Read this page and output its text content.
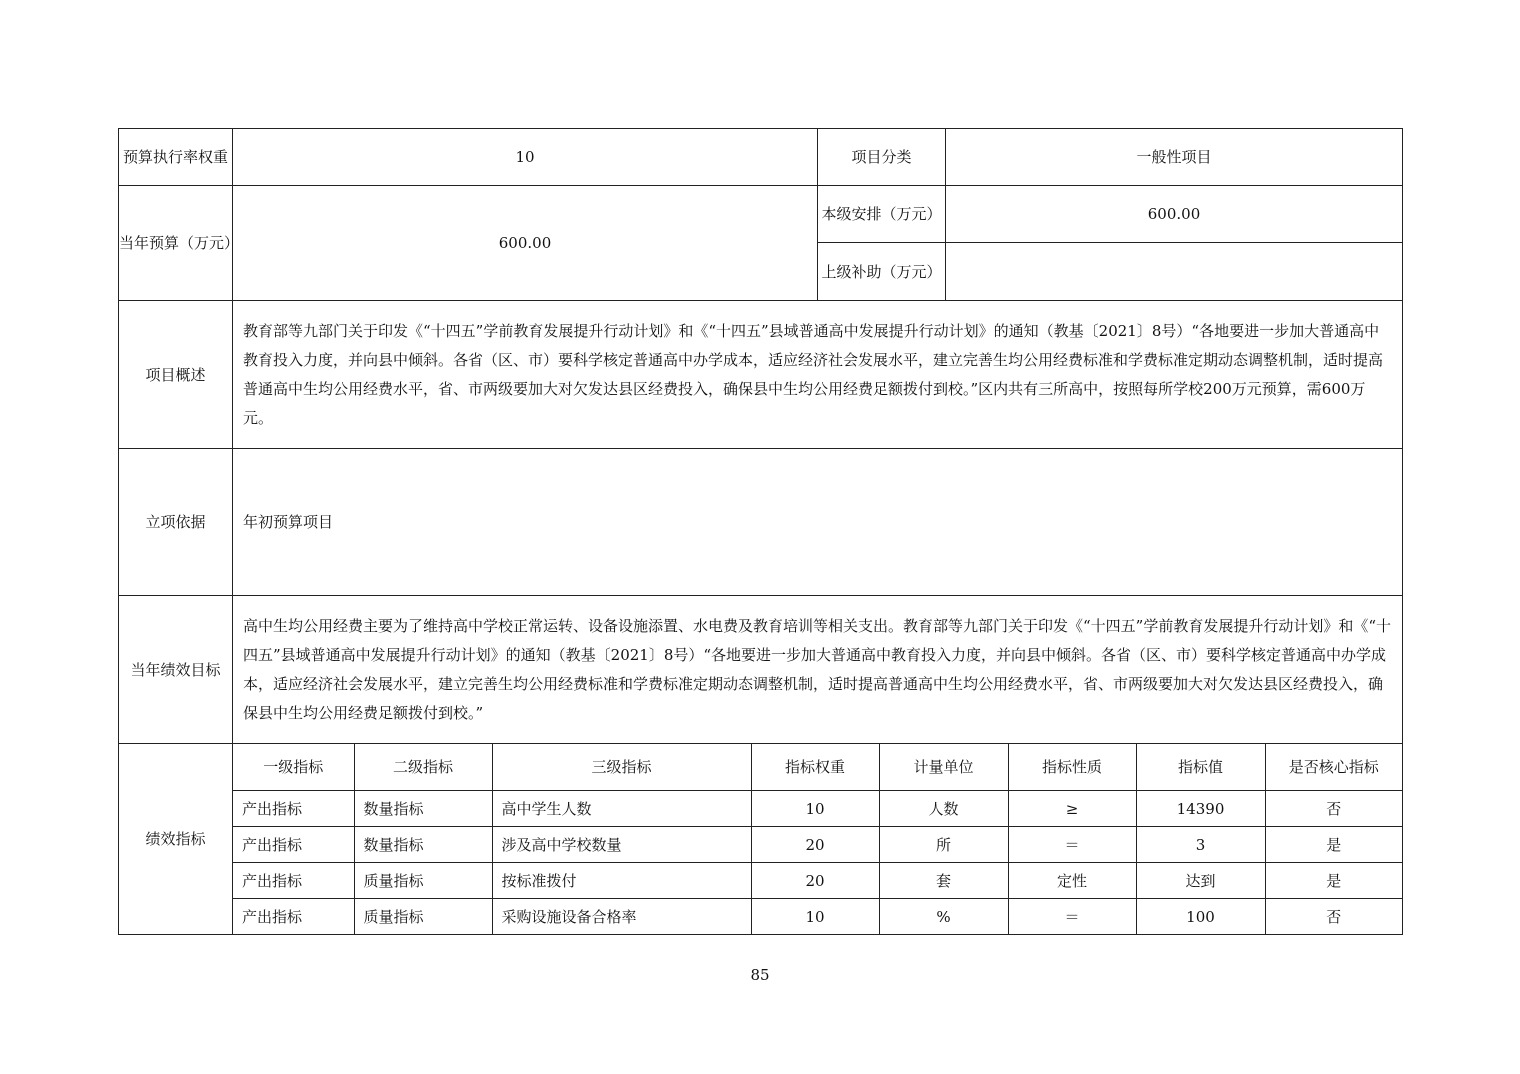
预算执行率权重	10	项目分类	一般性项目
当年预算（万元）	600.00	本级安排（万元）	600.00
上级补助（万元）	
项目概述	教育部等九部门关于印发《“十四五”学前教育发展提升行动计划》和《“十四五”县域普通高中发展提升行动计划》的通知（教基〔2021〕8号）“各地要进一步加大普通高中教育投入力度，并向县中倾斜。各省（区、市）要科学核定普通高中办学成本，适应经济社会发展水平，建立完善生均公用经费标准和学费标准定期动态调整机制，适时提高普通高中生均公用经费水平，省、市两级要加大对欠发达县区经费投入，确保县中生均公用经费足额拨付到校。”区内共有三所高中，按照每所学校200万元预算，需600万元。
立项依据	年初预算项目
当年绩效目标	高中生均公用经费主要为了维持高中学校正常运转、设备设施添置、水电费及教育培训等相关支出。教育部等九部门关于印发《“十四五”学前教育发展提升行动计划》和《“十四五”县域普通高中发展提升行动计划》的通知（教基〔2021〕8号）“各地要进一步加大普通高中教育投入力度，并向县中倾斜。各省（区、市）要科学核定普通高中办学成本，适应经济社会发展水平，建立完善生均公用经费标准和学费标准定期动态调整机制，适时提高普通高中生均公用经费水平，省、市两级要加大对欠发达县区经费投入，确保县中生均公用经费足额拨付到校。”
绩效指标	
一级指标	二级指标	三级指标	指标权重	计量单位	指标性质	指标值	是否核心指标
产出指标	数量指标	高中学生人数	10	人数	≥	14390	否
产出指标	数量指标	涉及高中学校数量	20	所	＝	3	是
产出指标	质量指标	按标准拨付	20	套	定性	达到	是
产出指标	质量指标	采购设施设备合格率	10	%	＝	100	否
85
